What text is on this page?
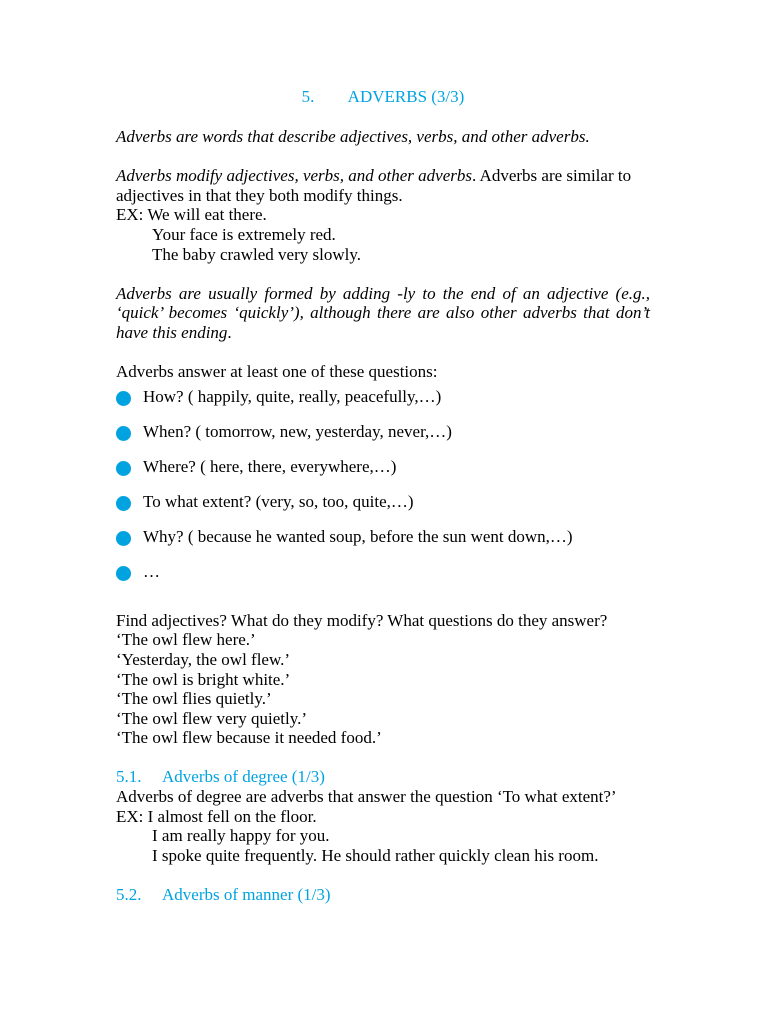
5. ADVERBS (3/3)

Adverbs are words that describe adjectives, verbs, and other adverbs.

Adverbs modify adjectives, verbs, and other adverbs. Adverbs are similar to adjectives in that they both modify things.

EX: We will eat there.

Your face is extremely red.

The baby crawled very slowly.

Adverbs are usually formed by adding -ly to the end of an adjective (e.g., ‘quick’ becomes ‘quickly’), although there are also other adverbs that don’t have this ending.

Adverbs answer at least one of these questions:

How? ( happily, quite, really, peacefully,…)
When? ( tomorrow, new, yesterday, never,…)
Where? ( here, there, everywhere,…)
To what extent? (very, so, too, quite,…)
Why? ( because he wanted soup, before the sun went down,…)
…

Find adjectives? What do they modify? What questions do they answer?

‘The owl flew here.’

‘Yesterday, the owl flew.’

‘The owl is bright white.’

‘The owl flies quietly.’

‘The owl flew very quietly.’

‘The owl flew because it needed food.’

5.1. Adverbs of degree (1/3)

Adverbs of degree are adverbs that answer the question ‘To what extent?’

EX: I almost fell on the floor.

I am really happy for you.

I spoke quite frequently. He should rather quickly clean his room.

5.2. Adverbs of manner (1/3)
